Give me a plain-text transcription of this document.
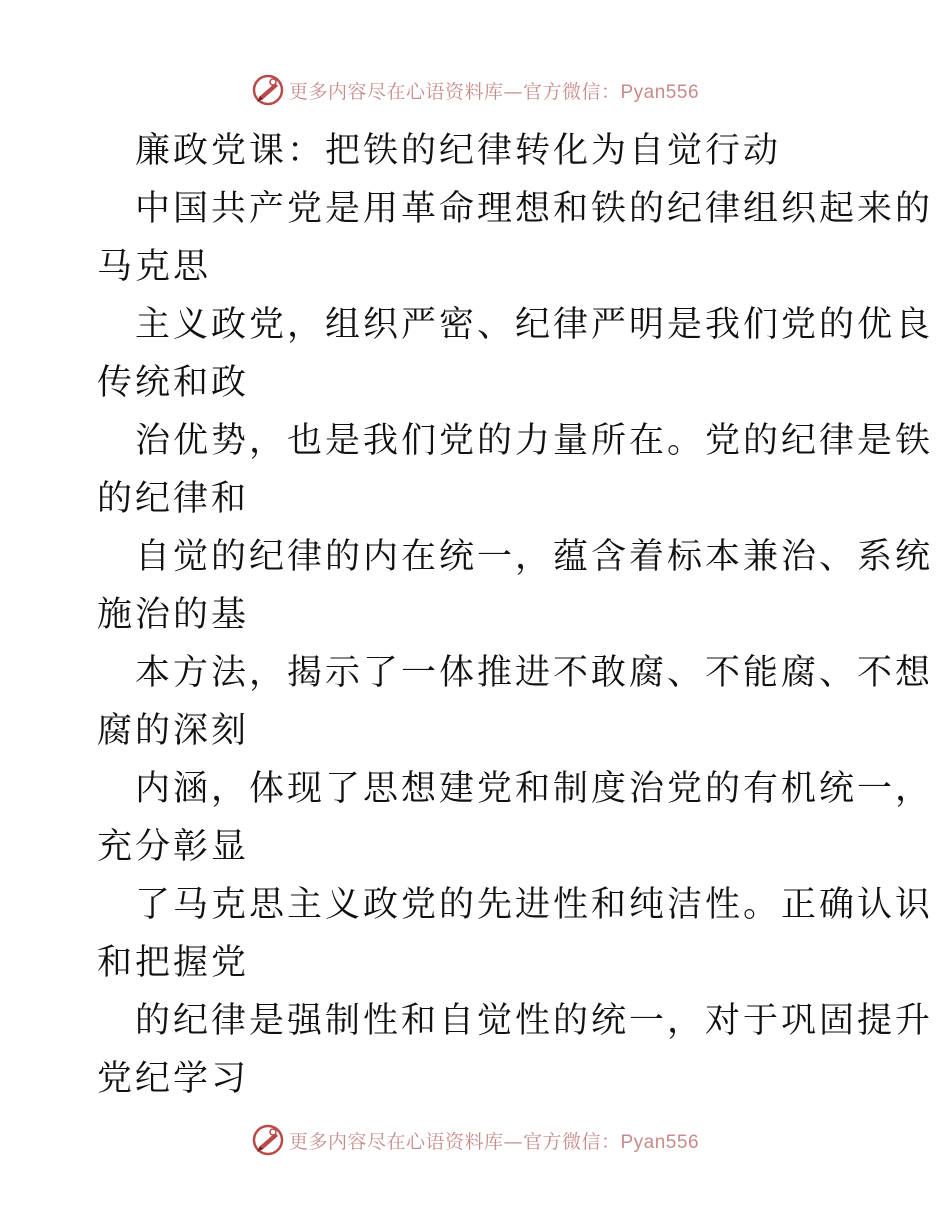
更多内容尽在心语资料库—官方微信：Pyan556
廉政党课：把铁的纪律转化为自觉行动
中国共产党是用革命理想和铁的纪律组织起来的
马克思
主义政党，组织严密、纪律严明是我们党的优良
传统和政
治优势，也是我们党的力量所在。党的纪律是铁
的纪律和
自觉的纪律的内在统一，蕴含着标本兼治、系统
施治的基
本方法，揭示了一体推进不敢腐、不能腐、不想
腐的深刻
内涵，体现了思想建党和制度治党的有机统一，
充分彰显
了马克思主义政党的先进性和纯洁性。正确认识
和把握党
的纪律是强制性和自觉性的统一，对于巩固提升
党纪学习
更多内容尽在心语资料库—官方微信：Pyan556
